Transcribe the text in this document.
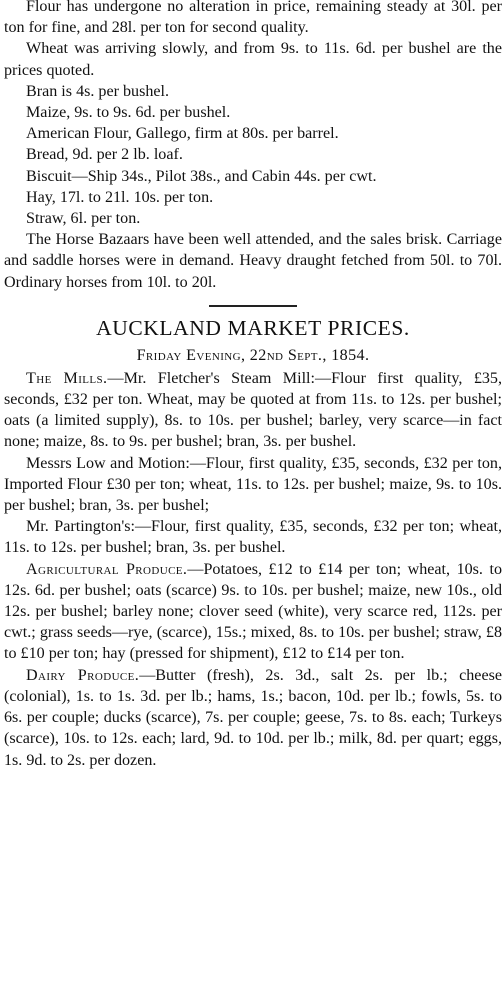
Flour has undergone no alteration in price, remaining steady at 30l. per ton for fine, and 28l. per ton for second quality.

Wheat was arriving slowly, and from 9s. to 11s. 6d. per bushel are the prices quoted.

Bran is 4s. per bushel.

Maize, 9s. to 9s. 6d. per bushel.

American Flour, Gallego, firm at 80s. per barrel.

Bread, 9d. per 2 lb. loaf.

Biscuit—Ship 34s., Pilot 38s., and Cabin 44s. per cwt.

Hay, 17l. to 21l. 10s. per ton.

Straw, 6l. per ton.

The Horse Bazaars have been well attended, and the sales brisk. Carriage and saddle horses were in demand. Heavy draught fetched from 50l. to 70l. Ordinary horses from 10l. to 20l.

AUCKLAND MARKET PRICES.
Friday Evening, 22nd Sept., 1854.

The Mills.—Mr. Fletcher's Steam Mill:—Flour first quality, £35, seconds, £32 per ton. Wheat, may be quoted at from 11s. to 12s. per bushel; oats (a limited supply), 8s. to 10s. per bushel; barley, very scarce—in fact none; maize, 8s. to 9s. per bushel; bran, 3s. per bushel.

Messrs Low and Motion:—Flour, first quality, £35, seconds, £32 per ton, Imported Flour £30 per ton; wheat, 11s. to 12s. per bushel; maize, 9s. to 10s. per bushel; bran, 3s. per bushel;

Mr. Partington's:—Flour, first quality, £35, seconds, £32 per ton; wheat, 11s. to 12s. per bushel; bran, 3s. per bushel.

Agricultural Produce.—Potatoes, £12 to £14 per ton; wheat, 10s. to 12s. 6d. per bushel; oats (scarce) 9s. to 10s. per bushel; maize, new 10s., old 12s. per bushel; barley none; clover seed (white), very scarce red, 112s. per cwt.; grass seeds—rye, (scarce), 15s.; mixed, 8s. to 10s. per bushel; straw, £8 to £10 per ton; hay (pressed for shipment), £12 to £14 per ton.

Dairy Produce.—Butter (fresh), 2s. 3d., salt 2s. per lb.; cheese (colonial), 1s. to 1s. 3d. per lb.; hams, 1s.; bacon, 10d. per lb.; fowls, 5s. to 6s. per couple; ducks (scarce), 7s. per couple; geese, 7s. to 8s. each; Turkeys (scarce), 10s. to 12s. each; lard, 9d. to 10d. per lb.; milk, 8d. per quart; eggs, 1s. 9d. to 2s. per dozen.
